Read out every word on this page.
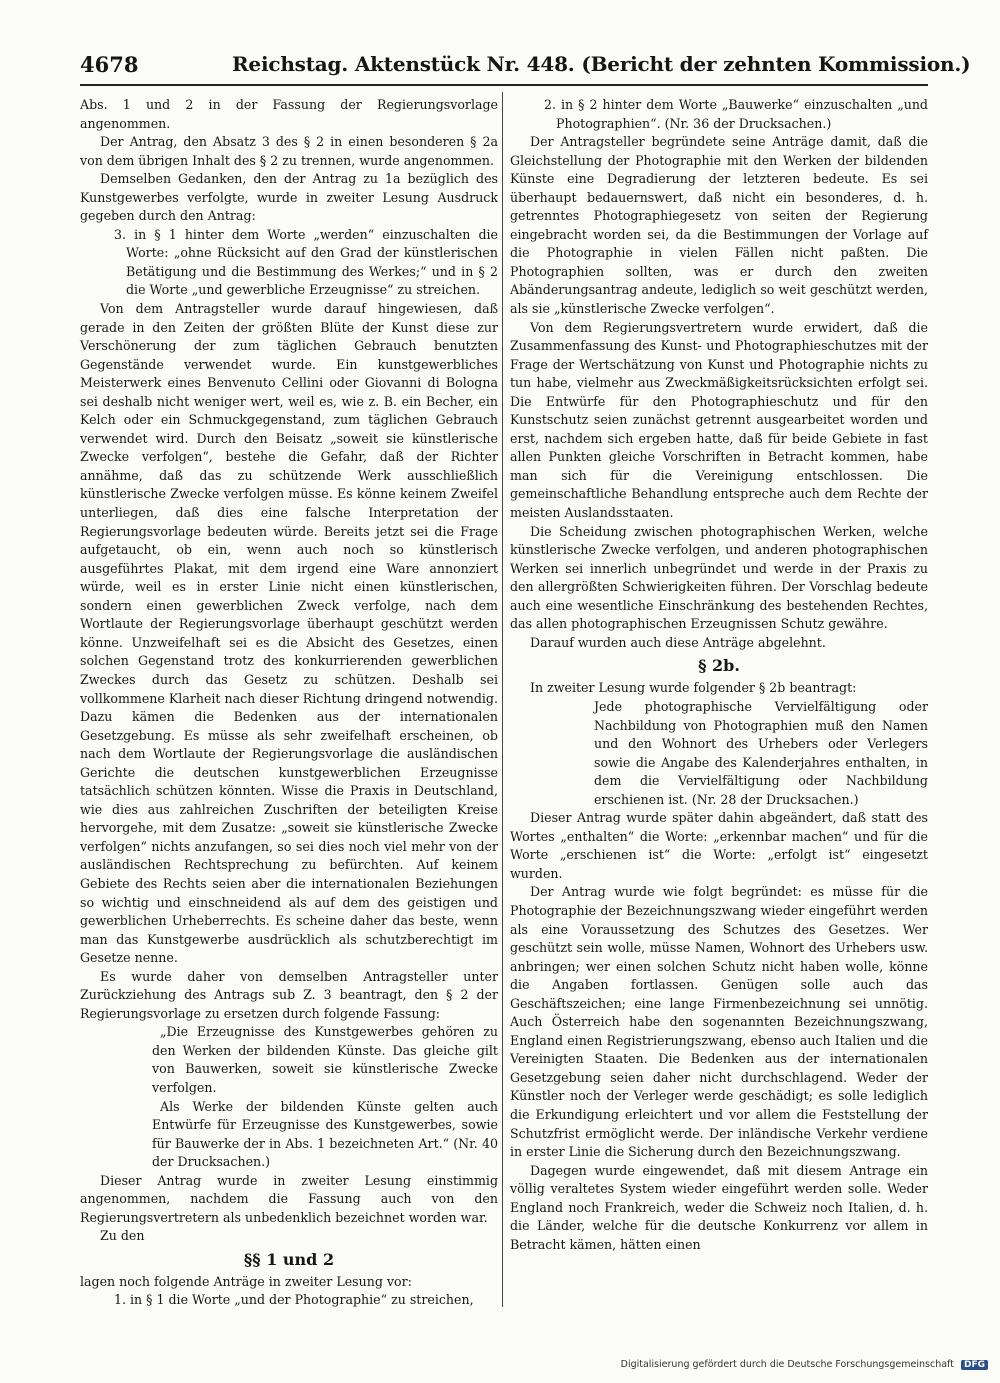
4678	Reichstag. Aktenstück Nr. 448. (Bericht der zehnten Kommission.)

Abs. 1 und 2 in der Fassung der Regierungsvorlage angenommen.

Der Antrag, den Absatz 3 des § 2 in einen besonderen § 2a von dem übrigen Inhalt des § 2 zu trennen, wurde angenommen.

Demselben Gedanken, den der Antrag zu 1a bezüglich des Kunstgewerbes verfolgte, wurde in zweiter Lesung Ausdruck gegeben durch den Antrag:

3. in § 1 hinter dem Worte „werden“ einzuschalten die Worte: „ohne Rücksicht auf den Grad der künstlerischen Betätigung und die Bestimmung des Werkes;“ und in § 2 die Worte „und gewerbliche Erzeugnisse“ zu streichen.

Von dem Antragsteller wurde darauf hingewiesen, daß gerade in den Zeiten der größten Blüte der Kunst diese zur Verschönerung der zum täglichen Gebrauch benutzten Gegenstände verwendet wurde. Ein kunstgewerbliches Meisterwerk eines Benvenuto Cellini oder Giovanni di Bologna sei deshalb nicht weniger wert, weil es, wie z. B. ein Becher, ein Kelch oder ein Schmuckgegenstand, zum täglichen Gebrauch verwendet wird. Durch den Beisatz „soweit sie künstlerische Zwecke verfolgen“, bestehe die Gefahr, daß der Richter annähme, daß das zu schützende Werk ausschließlich künstlerische Zwecke verfolgen müsse. Es könne keinem Zweifel unterliegen, daß dies eine falsche Interpretation der Regierungsvorlage bedeuten würde. Bereits jetzt sei die Frage aufgetaucht, ob ein, wenn auch noch so künstlerisch ausgeführtes Plakat, mit dem irgend eine Ware annonziert würde, weil es in erster Linie nicht einen künstlerischen, sondern einen gewerblichen Zweck verfolge, nach dem Wortlaute der Regierungsvorlage überhaupt geschützt werden könne. Unzweifelhaft sei es die Absicht des Gesetzes, einen solchen Gegenstand trotz des konkurrierenden gewerblichen Zweckes durch das Gesetz zu schützen. Deshalb sei vollkommene Klarheit nach dieser Richtung dringend notwendig. Dazu kämen die Bedenken aus der internationalen Gesetzgebung. Es müsse als sehr zweifelhaft erscheinen, ob nach dem Wortlaute der Regierungsvorlage die ausländischen Gerichte die deutschen kunstgewerblichen Erzeugnisse tatsächlich schützen könnten. Wisse die Praxis in Deutschland, wie dies aus zahlreichen Zuschriften der beteiligten Kreise hervorgehe, mit dem Zusatze: „soweit sie künstlerische Zwecke verfolgen“ nichts anzufangen, so sei dies noch viel mehr von der ausländischen Rechtsprechung zu befürchten. Auf keinem Gebiete des Rechts seien aber die internationalen Beziehungen so wichtig und einschneidend als auf dem des geistigen und gewerblichen Urheberrechts. Es scheine daher das beste, wenn man das Kunstgewerbe ausdrücklich als schutzberechtigt im Gesetze nenne.

Es wurde daher von demselben Antragsteller unter Zurückziehung des Antrags sub Z. 3 beantragt, den § 2 der Regierungsvorlage zu ersetzen durch folgende Fassung:

„Die Erzeugnisse des Kunstgewerbes gehören zu den Werken der bildenden Künste. Das gleiche gilt von Bauwerken, soweit sie künstlerische Zwecke verfolgen.

Als Werke der bildenden Künste gelten auch Entwürfe für Erzeugnisse des Kunstgewerbes, sowie für Bauwerke der in Abs. 1 bezeichneten Art.“ (Nr. 40 der Drucksachen.)

Dieser Antrag wurde in zweiter Lesung einstimmig angenommen, nachdem die Fassung auch von den Regierungsvertretern als unbedenklich bezeichnet worden war.

Zu den

§§ 1 und 2

lagen noch folgende Anträge in zweiter Lesung vor:

1. in § 1 die Worte „und der Photographie“ zu streichen,

2. in § 2 hinter dem Worte „Bauwerke“ einzuschalten „und Photographien“. (Nr. 36 der Drucksachen.)

Der Antragsteller begründete seine Anträge damit, daß die Gleichstellung der Photographie mit den Werken der bildenden Künste eine Degradierung der letzteren bedeute. Es sei überhaupt bedauernswert, daß nicht ein besonderes, d. h. getrenntes Photographiegesetz von seiten der Regierung eingebracht worden sei, da die Bestimmungen der Vorlage auf die Photographie in vielen Fällen nicht paßten. Die Photographien sollten, was er durch den zweiten Abänderungsantrag andeute, lediglich so weit geschützt werden, als sie „künstlerische Zwecke verfolgen“.

Von dem Regierungsvertretern wurde erwidert, daß die Zusammenfassung des Kunst- und Photographieschutzes mit der Frage der Wertschätzung von Kunst und Photographie nichts zu tun habe, vielmehr aus Zweckmäßigkeitsrücksichten erfolgt sei. Die Entwürfe für den Photographieschutz und für den Kunstschutz seien zunächst getrennt ausgearbeitet worden und erst, nachdem sich ergeben hatte, daß für beide Gebiete in fast allen Punkten gleiche Vorschriften in Betracht kommen, habe man sich für die Vereinigung entschlossen. Die gemeinschaftliche Behandlung entspreche auch dem Rechte der meisten Auslandsstaaten.

Die Scheidung zwischen photographischen Werken, welche künstlerische Zwecke verfolgen, und anderen photographischen Werken sei innerlich unbegründet und werde in der Praxis zu den allergrößten Schwierigkeiten führen. Der Vorschlag bedeute auch eine wesentliche Einschränkung des bestehenden Rechtes, das allen photographischen Erzeugnissen Schutz gewähre.

Darauf wurden auch diese Anträge abgelehnt.

§ 2b.

In zweiter Lesung wurde folgender § 2b beantragt:

Jede photographische Vervielfältigung oder Nachbildung von Photographien muß den Namen und den Wohnort des Urhebers oder Verlegers sowie die Angabe des Kalenderjahres enthalten, in dem die Vervielfältigung oder Nachbildung erschienen ist. (Nr. 28 der Drucksachen.)

Dieser Antrag wurde später dahin abgeändert, daß statt des Wortes „enthalten“ die Worte: „erkennbar machen“ und für die Worte „erschienen ist“ die Worte: „erfolgt ist“ eingesetzt wurden.

Der Antrag wurde wie folgt begründet: es müsse für die Photographie der Bezeichnungszwang wieder eingeführt werden als eine Voraussetzung des Schutzes des Gesetzes. Wer geschützt sein wolle, müsse Namen, Wohnort des Urhebers usw. anbringen; wer einen solchen Schutz nicht haben wolle, könne die Angaben fortlassen. Genügen solle auch das Geschäftszeichen; eine lange Firmenbezeichnung sei unnötig. Auch Österreich habe den sogenannten Bezeichnungszwang, England einen Registrierungszwang, ebenso auch Italien und die Vereinigten Staaten. Die Bedenken aus der internationalen Gesetzgebung seien daher nicht durchschlagend. Weder der Künstler noch der Verleger werde geschädigt; es solle lediglich die Erkundigung erleichtert und vor allem die Feststellung der Schutzfrist ermöglicht werde. Der inländische Verkehr verdiene in erster Linie die Sicherung durch den Bezeichnungszwang.

Dagegen wurde eingewendet, daß mit diesem Antrage ein völlig veraltetes System wieder eingeführt werden solle. Weder England noch Frankreich, weder die Schweiz noch Italien, d. h. die Länder, welche für die deutsche Konkurrenz vor allem in Betracht kämen, hätten einen

Digitalisierung gefördert durch die Deutsche Forschungsgemeinschaft DFG
